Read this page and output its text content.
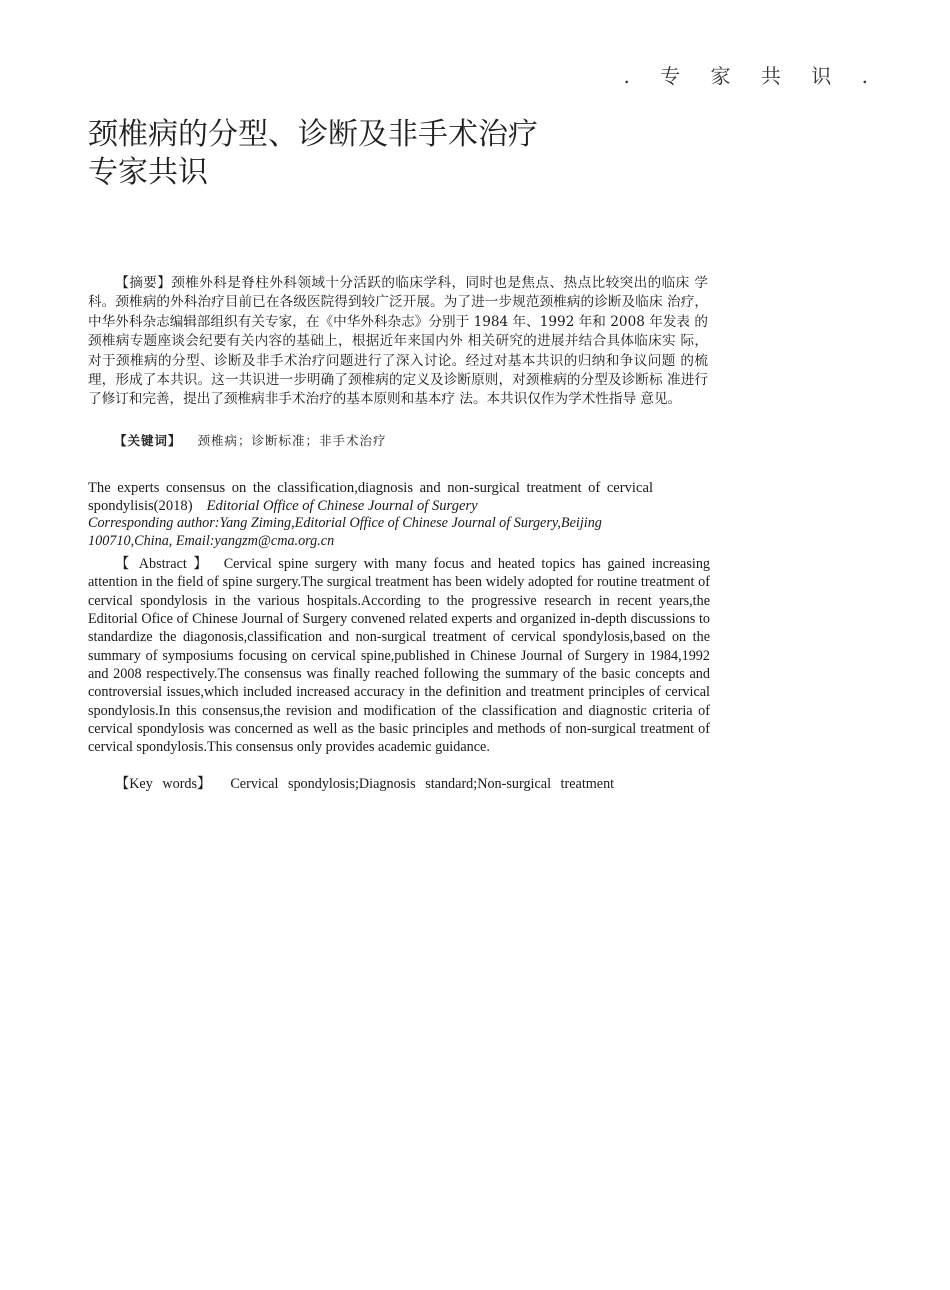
. 专 家 共 识 .
颈椎病的分型、诊断及非手术治疗
专家共识

【摘要】颈椎外科是脊柱外科领域十分活跃的临床学科，同时也是焦点、热点比较突出的临床 学科。颈椎病的外科治疗目前已在各级医院得到较广泛开展。为了进一步规范颈椎病的诊断及临床 治疗，中华外科杂志编辑部组织有关专家，在《中华外科杂志》分别于 1984 年、1992 年和 2008 年发表 的颈椎病专题座谈会纪要有关内容的基础上，根据近年来国内外 相关研究的进展并结合具体临床实 际，对于颈椎病的分型、诊断及非手术治疗问题进行了深入讨论。经过对基本共识的归纳和争议问题 的梳理，形成了本共识。这一共识进一步明确了颈椎病的定义及诊断原则，对颈椎病的分型及诊断标 准进行了修订和完善，提出了颈椎病非手术治疗的基本原则和基本疗 法。本共识仅作为学术性指导 意见。

【关键词】 颈椎病；诊断标准；非手术治疗

The experts consensus on the classification,diagnosis and non-surgical treatment of cervical spondylisis(2018) Editorial Office of Chinese Journal of Surgery

Corresponding author:Yang Ziming,Editorial Office of Chinese Journal of Surgery,Beijing 100710,China, Email:yangzm@cma.org.cn

【 Abstract 】 Cervical spine surgery with many focus and heated topics has gained increasing attention in the field of spine surgery.The surgical treatment has been widely adopted for routine treatment of cervical spondylosis in the various hospitals.According to the progressive research in recent years,the Editorial Ofice of Chinese Journal of Surgery convened related experts and organized in-depth discussions to standardize the diagonosis,classification and non-surgical treatment of cervical spondylosis,based on the summary of symposiums focusing on cervical spine,published in Chinese Journal of Surgery in 1984,1992 and 2008 respectively.The consensus was finally reached following the summary of the basic concepts and controversial issues,which included increased accuracy in the definition and treatment principles of cervical spondylosis.In this consensus,the revision and modification of the classification and diagnostic criteria of cervical spondylosis was concerned as well as the basic principles and methods of non-surgical treatment of cervical spondylosis.This consensus only provides academic guidance.

【Key words】 Cervical spondylosis;Diagnosis standard;Non-surgical treatment
